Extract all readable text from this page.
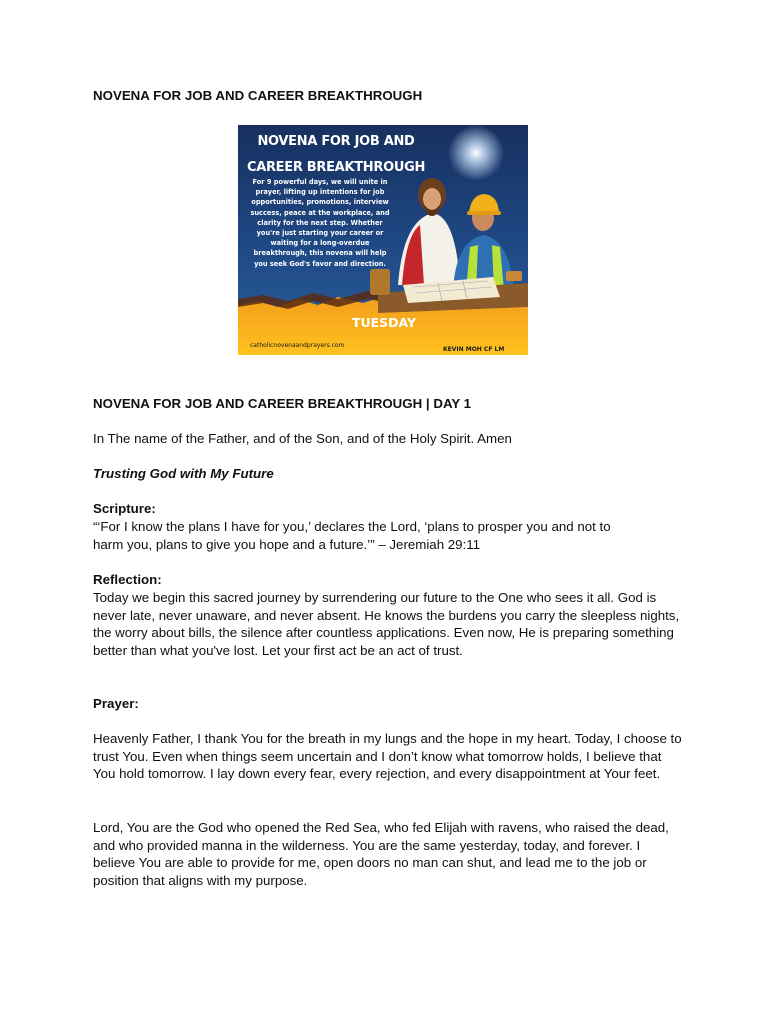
NOVENA FOR JOB AND CAREER BREAKTHROUGH
NOVENA FOR JOB AND CAREER BREAKTHROUGH
For 9 powerful days, we will unite in prayer, lifting up intentions for job opportunities, promotions, interview success, peace at the workplace, and clarity for the next step. Whether you're just starting your career or waiting for a long-overdue breakthrough, this novena will help you seek God's favor and direction.
TUESDAY
catholicnovenaandprayers.com
KEVIN MOH CF LM
NOVENA FOR JOB AND CAREER BREAKTHROUGH | DAY 1
In The name of the Father, and of the Son, and of the Holy Spirit. Amen
Trusting God with My Future
Scripture:
“‘For I know the plans I have for you,’ declares the Lord, ‘plans to prosper you and not to
harm you, plans to give you hope and a future.’” – Jeremiah 29:11
Reflection:

Today we begin this sacred journey by surrendering our future to the One who sees it all. God is never late, never unaware, and never absent. He knows the burdens you carry the sleepless nights, the worry about bills, the silence after countless applications. Even now, He is preparing something better than what you've lost. Let your first act be an act of trust.

Prayer:

Heavenly Father, I thank You for the breath in my lungs and the hope in my heart. Today, I choose to trust You. Even when things seem uncertain and I don’t know what tomorrow holds, I believe that You hold tomorrow. I lay down every fear, every rejection, and every disappointment at Your feet.

Lord, You are the God who opened the Red Sea, who fed Elijah with ravens, who raised the dead, and who provided manna in the wilderness. You are the same yesterday, today, and forever. I believe You are able to provide for me, open doors no man can shut, and lead me to the job or position that aligns with my purpose.
